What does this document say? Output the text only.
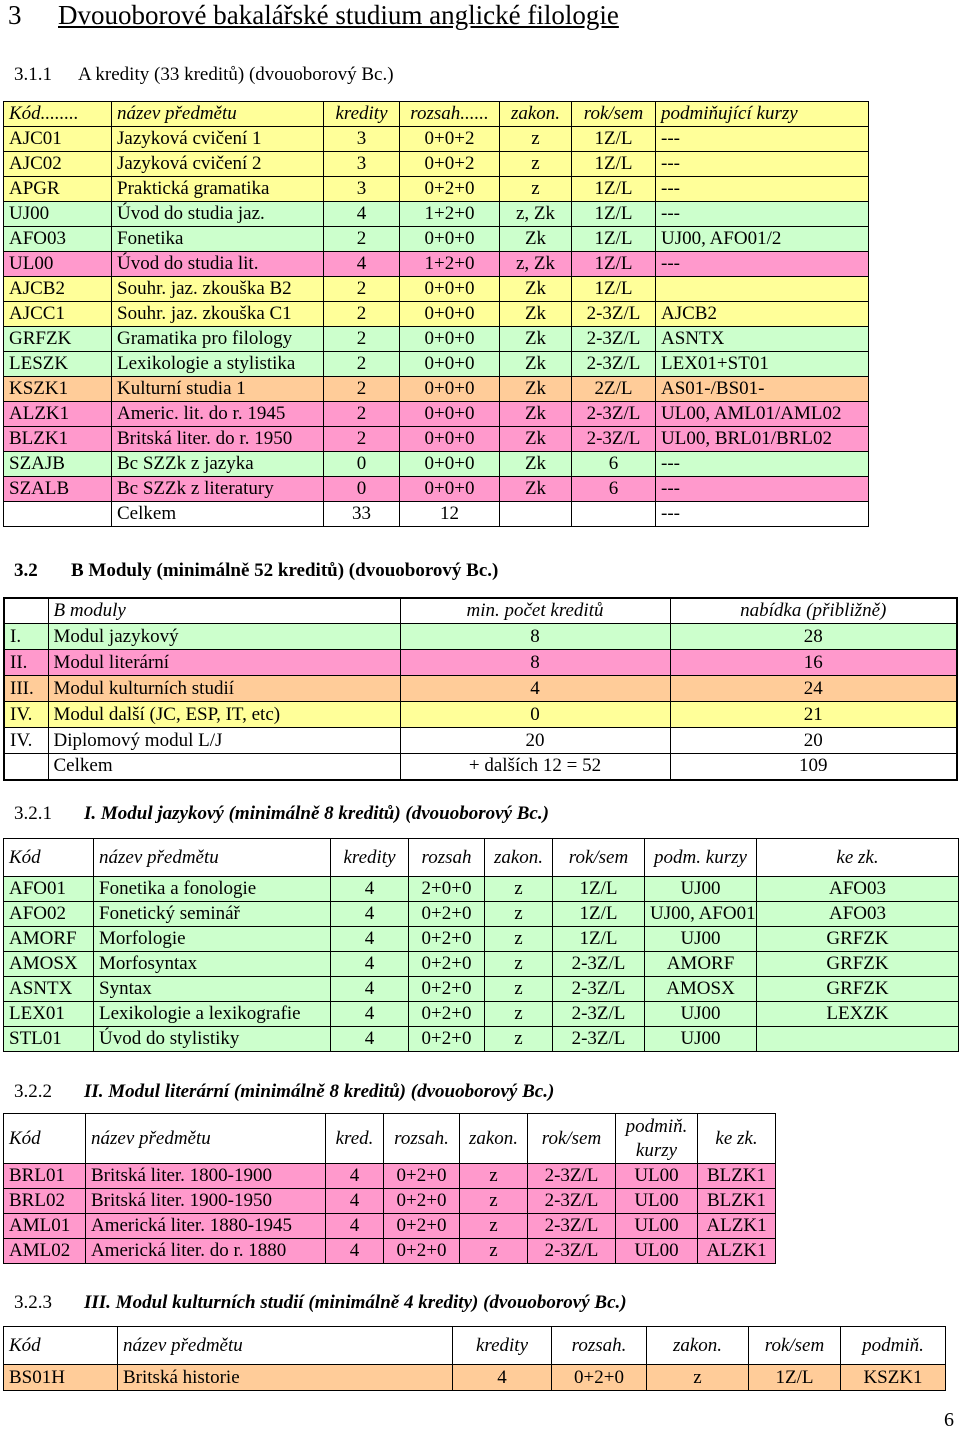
3 Dvouoborové bakalářské studium anglické filologie
3.1.1 A kredity (33 kreditů) (dvouoborový Bc.)
Kód........	název předmětu	kredity	rozsah......	zakon.	rok/sem	podmiňující kurzy
AJC01	Jazyková cvičení 1	3	0+0+2	z	1Z/L	---
AJC02	Jazyková cvičení 2	3	0+0+2	z	1Z/L	---
APGR	Praktická gramatika	3	0+2+0	z	1Z/L	---
UJ00	Úvod do studia jaz.	4	1+2+0	z, Zk	1Z/L	---
AFO03	Fonetika	2	0+0+0	Zk	1Z/L	UJ00, AFO01/2
UL00	Úvod do studia lit.	4	1+2+0	z, Zk	1Z/L	---
AJCB2	Souhr. jaz. zkouška B2	2	0+0+0	Zk	1Z/L	
AJCC1	Souhr. jaz. zkouška C1	2	0+0+0	Zk	2-3Z/L	AJCB2
GRFZK	Gramatika pro filology	2	0+0+0	Zk	2-3Z/L	ASNTX
LESZK	Lexikologie a stylistika	2	0+0+0	Zk	2-3Z/L	LEX01+ST01
KSZK1	Kulturní studia 1	2	0+0+0	Zk	2Z/L	AS01-/BS01-
ALZK1	Americ. lit. do r. 1945	2	0+0+0	Zk	2-3Z/L	UL00, AML01/AML02
BLZK1	Britská liter. do r. 1950	2	0+0+0	Zk	2-3Z/L	UL00, BRL01/BRL02
SZAJB	Bc SZZk z jazyka	0	0+0+0	Zk	6	---
SZALB	Bc SZZk z literatury	0	0+0+0	Zk	6	---
	Celkem	33	12			---
3.2 B Moduly (minimálně 52 kreditů) (dvouoborový Bc.)
	B moduly	min. počet kreditů	nabídka (přibližně)
I.	Modul jazykový	8	28
II.	Modul literární	8	16
III.	Modul kulturních studií	4	24
IV.	Modul další (JC, ESP, IT, etc)	0	21
IV.	Diplomový modul L/J	20	20
	Celkem	+ dalších 12 = 52	109
3.2.1 I. Modul jazykový (minimálně 8 kreditů) (dvouoborový Bc.)
Kód	název předmětu	kredity	rozsah	zakon.	rok/sem	podm. kurzy	ke zk.
AFO01	Fonetika a fonologie	4	2+0+0	z	1Z/L	UJ00	AFO03
AFO02	Fonetický seminář	4	0+2+0	z	1Z/L	UJ00, AFO01	AFO03
AMORF	Morfologie	4	0+2+0	z	1Z/L	UJ00	GRFZK
AMOSX	Morfosyntax	4	0+2+0	z	2-3Z/L	AMORF	GRFZK
ASNTX	Syntax	4	0+2+0	z	2-3Z/L	AMOSX	GRFZK
LEX01	Lexikologie a lexikografie	4	0+2+0	z	2-3Z/L	UJ00	LEXZK
STL01	Úvod do stylistiky	4	0+2+0	z	2-3Z/L	UJ00	
3.2.2 II. Modul literární (minimálně 8 kreditů) (dvouoborový Bc.)
Kód	název předmětu	kred.	rozsah.	zakon.	rok/sem	podmiň.
kurzy	ke zk.
BRL01	Britská liter. 1800-1900	4	0+2+0	z	2-3Z/L	UL00	BLZK1
BRL02	Britská liter. 1900-1950	4	0+2+0	z	2-3Z/L	UL00	BLZK1
AML01	Americká liter. 1880-1945	4	0+2+0	z	2-3Z/L	UL00	ALZK1
AML02	Americká liter. do r. 1880	4	0+2+0	z	2-3Z/L	UL00	ALZK1
3.2.3 III. Modul kulturních studií (minimálně 4 kredity) (dvouoborový Bc.)
Kód	název předmětu	kredity	rozsah.	zakon.	rok/sem	podmiň.
BS01H	Britská historie	4	0+2+0	z	1Z/L	KSZK1
6
